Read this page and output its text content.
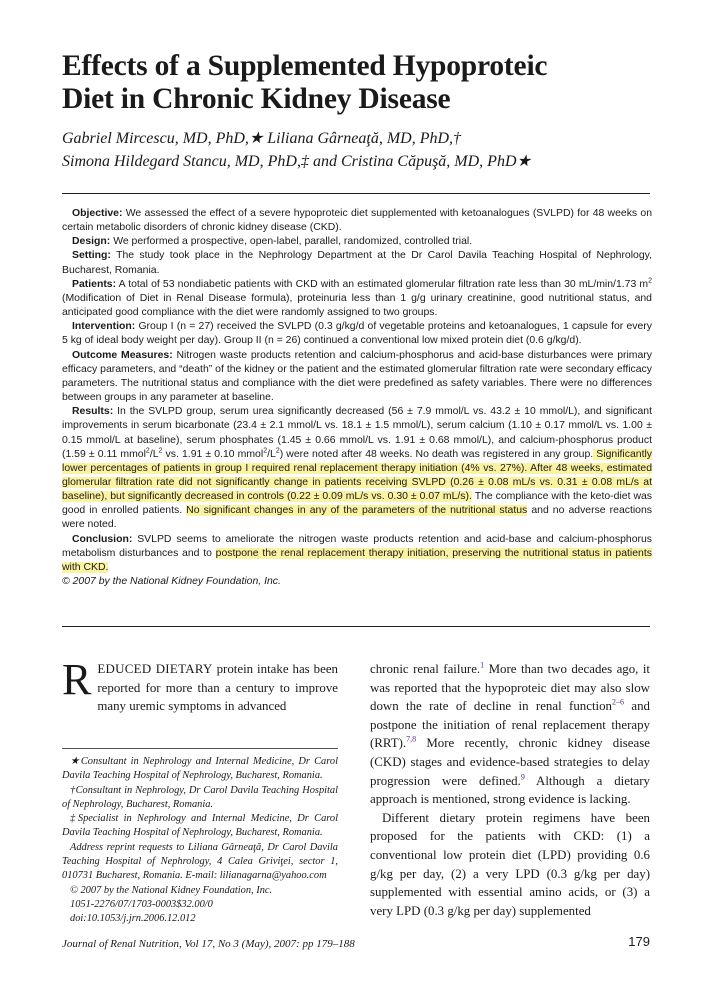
Effects of a Supplemented Hypoproteic
Diet in Chronic Kidney Disease
Gabriel Mircescu, MD, PhD,★ Liliana Gârneaţă, MD, PhD,†
Simona Hildegard Stancu, MD, PhD,‡ and Cristina Căpuşă, MD, PhD★

Objective: We assessed the effect of a severe hypoproteic diet supplemented with ketoanalogues (SVLPD) for 48 weeks on certain metabolic disorders of chronic kidney disease (CKD).

Design: We performed a prospective, open-label, parallel, randomized, controlled trial.

Setting: The study took place in the Nephrology Department at the Dr Carol Davila Teaching Hospital of Nephrology, Bucharest, Romania.

Patients: A total of 53 nondiabetic patients with CKD with an estimated glomerular filtration rate less than 30 mL/min/1.73 $m^2$ (Modification of Diet in Renal Disease formula), proteinuria less than 1 g/g urinary creatinine, good nutritional status, and anticipated good compliance with the diet were randomly assigned to two groups.

Intervention: Group I (n = 27) received the SVLPD (0.3 g/kg/d of vegetable proteins and ketoanalogues, 1 capsule for every 5 kg of ideal body weight per day). Group II (n = 26) continued a conventional low mixed protein diet (0.6 g/kg/d).

Outcome Measures: Nitrogen waste products retention and calcium-phosphorus and acid-base disturbances were primary efficacy parameters, and “death” of the kidney or the patient and the estimated glomerular filtration rate were secondary efficacy parameters. The nutritional status and compliance with the diet were predefined as safety variables. There were no differences between groups in any parameter at baseline.

Results: In the SVLPD group, serum urea significantly decreased (56 ± 7.9 mmol/L vs. 43.2 ± 10 mmol/L), and significant improvements in serum bicarbonate (23.4 ± 2.1 mmol/L vs. 18.1 ± 1.5 mmol/L), serum calcium (1.10 ± 0.17 mmol/L vs. 1.00 ± 0.15 mmol/L at baseline), serum phosphates (1.45 ± 0.66 mmol/L vs. 1.91 ± 0.68 mmol/L), and calcium-phosphorus product (1.59 ± 0.11 $mmol^2/L^2$ vs. 1.91 ± 0.10 $mmol^2/L^2$) were noted after 48 weeks. No death was registered in any group. Significantly lower percentages of patients in group I required renal replacement therapy initiation (4% vs. 27%). After 48 weeks, estimated glomerular filtration rate did not significantly change in patients receiving SVLPD (0.26 ± 0.08 mL/s vs. 0.31 ± 0.08 mL/s at baseline), but significantly decreased in controls (0.22 ± 0.09 mL/s vs. 0.30 ± 0.07 mL/s). The compliance with the keto-diet was good in enrolled patients. No significant changes in any of the parameters of the nutritional status and no adverse reactions were noted.

Conclusion: SVLPD seems to ameliorate the nitrogen waste products retention and acid-base and calcium-phosphorus metabolism disturbances and to postpone the renal replacement therapy initiation, preserving the nutritional status in patients with CKD.

© 2007 by the National Kidney Foundation, Inc.

REDUCED DIETARY protein intake has been reported for more than a century to improve many uremic symptoms in advanced

★Consultant in Nephrology and Internal Medicine, Dr Carol Davila Teaching Hospital of Nephrology, Bucharest, Romania.

†Consultant in Nephrology, Dr Carol Davila Teaching Hospital of Nephrology, Bucharest, Romania.

‡Specialist in Nephrology and Internal Medicine, Dr Carol Davila Teaching Hospital of Nephrology, Bucharest, Romania.

Address reprint requests to Liliana Gârneaţă, Dr Carol Davila Teaching Hospital of Nephrology, 4 Calea Griviţei, sector 1, 010731 Bucharest, Romania. E-mail: lilianagarna@yahoo.com

© 2007 by the National Kidney Foundation, Inc.

1051-2276/07/1703-0003$32.00/0

doi:10.1053/j.jrn.2006.12.012

chronic renal failure.$^1$ More than two decades ago, it was reported that the hypoproteic diet may also slow down the rate of decline in renal function$^{2-6}$ and postpone the initiation of renal replacement therapy (RRT).$^{7,8}$ More recently, chronic kidney disease (CKD) stages and evidence-based strategies to delay progression were defined.$^9$ Although a dietary approach is mentioned, strong evidence is lacking.

Different dietary protein regimens have been proposed for the patients with CKD: (1) a conventional low protein diet (LPD) providing 0.6 g/kg per day, (2) a very LPD (0.3 g/kg per day) supplemented with essential amino acids, or (3) a very LPD (0.3 g/kg per day) supplemented

Journal of Renal Nutrition, Vol 17, No 3 (May), 2007: pp 179–188	179
